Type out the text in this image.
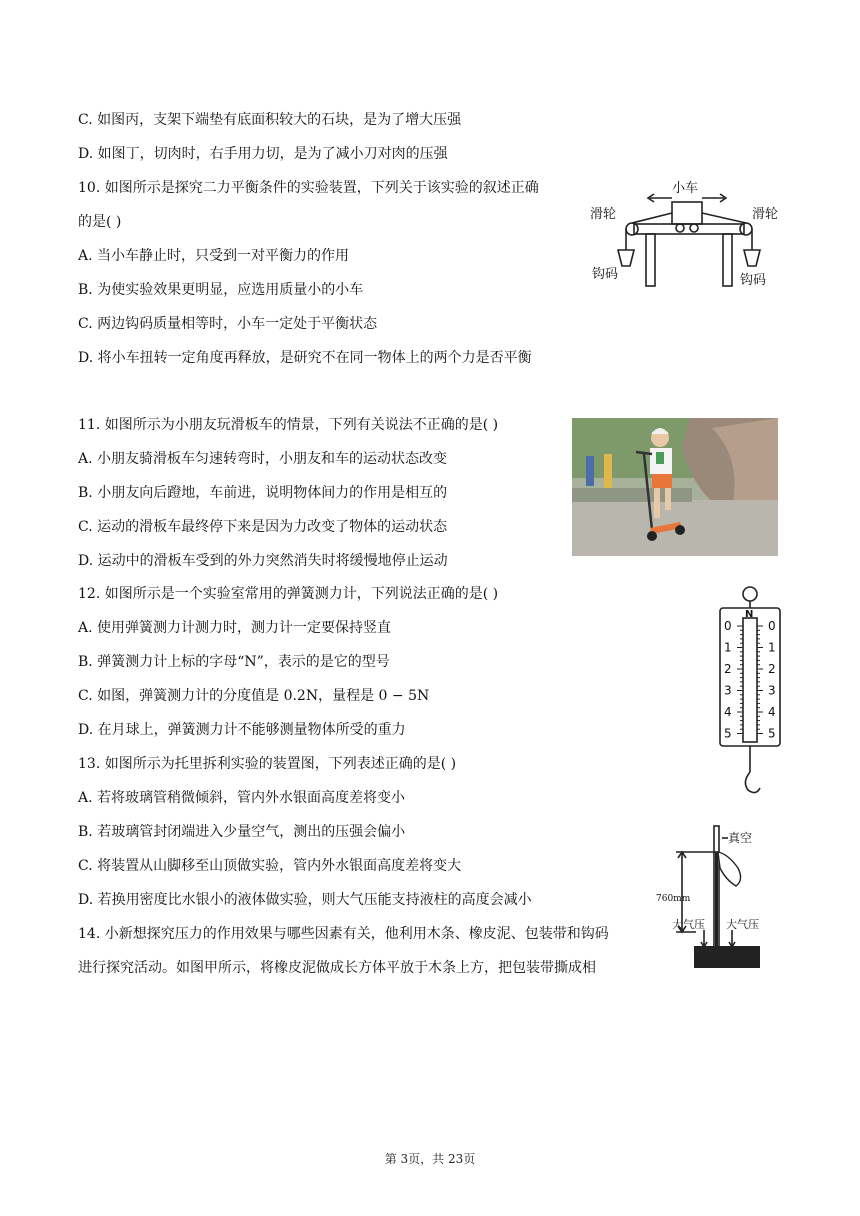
C. 如图丙，支架下端垫有底面积较大的石块，是为了增大压强
D. 如图丁，切肉时，右手用力切，是为了减小刀对肉的压强
10. 如图所示是探究二力平衡条件的实验装置，下列关于该实验的叙述正确
的是( )
A. 当小车静止时，只受到一对平衡力的作用
B. 为使实验效果更明显，应选用质量小的小车
C. 两边钩码质量相等时，小车一定处于平衡状态
D. 将小车扭转一定角度再释放，是研究不在同一物体上的两个力是否平衡
11. 如图所示为小朋友玩滑板车的情景，下列有关说法不正确的是( )
A. 小朋友骑滑板车匀速转弯时，小朋友和车的运动状态改变
B. 小朋友向后蹬地，车前进，说明物体间力的作用是相互的
C. 运动的滑板车最终停下来是因为力改变了物体的运动状态
D. 运动中的滑板车受到的外力突然消失时将缓慢地停止运动
12. 如图所示是一个实验室常用的弹簧测力计，下列说法正确的是( )
A. 使用弹簧测力计测力时，测力计一定要保持竖直
B. 弹簧测力计上标的字母“N”，表示的是它的型号
C. 如图，弹簧测力计的分度值是 0.2N，量程是 0 − 5N
D. 在月球上，弹簧测力计不能够测量物体所受的重力
13. 如图所示为托里拆利实验的装置图，下列表述正确的是( )
A. 若将玻璃管稍微倾斜，管内外水银面高度差将变小
B. 若玻璃管封闭端进入少量空气，测出的压强会偏小
C. 将装置从山脚移至山顶做实验，管内外水银面高度差将变大
D. 若换用密度比水银小的液体做实验，则大气压能支持液柱的高度会减小
14. 小新想探究压力的作用效果与哪些因素有关，他利用木条、橡皮泥、包装带和钩码
进行探究活动。如图甲所示，将橡皮泥做成长方体平放于木条上方，把包装带撕成相
小车
滑轮	滑轮
钩码	钩码
N
0	0
1	1
2	2
3	3
4	4
5	5
真空
760mm
大气压 大气压
第 3页，共 23页
